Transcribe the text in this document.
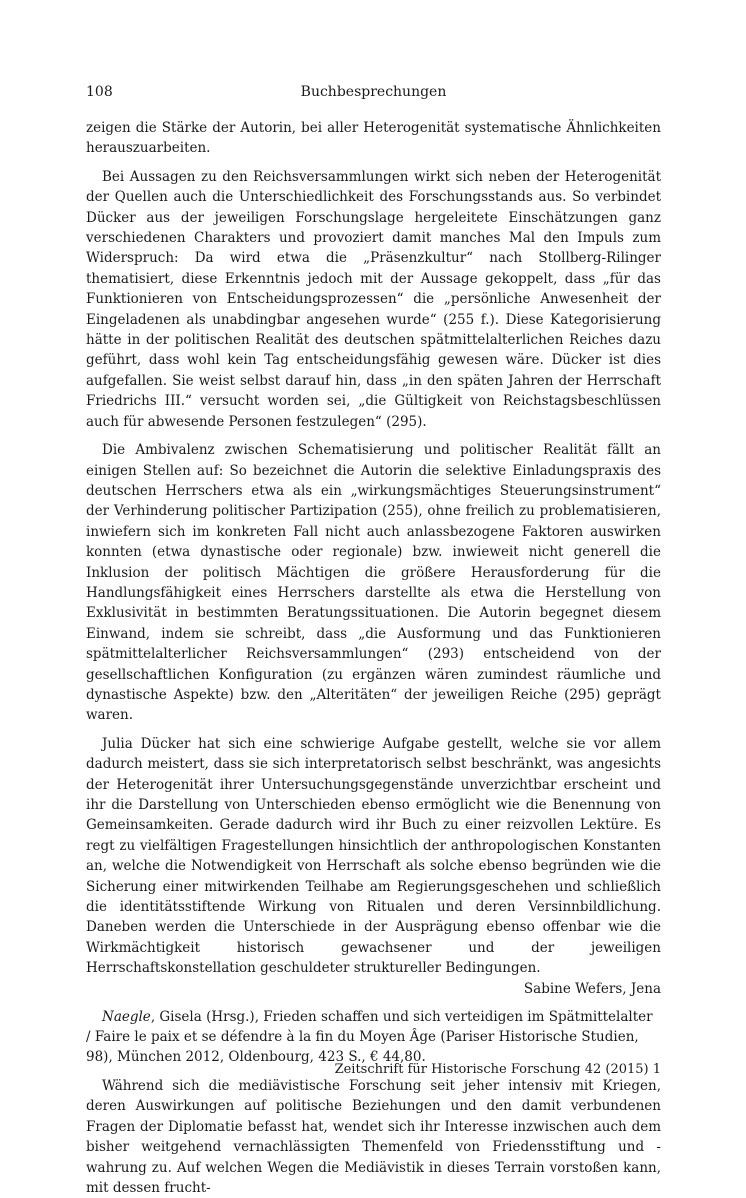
108	Buchbesprechungen

zeigen die Stärke der Autorin, bei aller Heterogenität systematische Ähnlichkeiten herauszuarbeiten.

Bei Aussagen zu den Reichsversammlungen wirkt sich neben der Heterogenität der Quellen auch die Unterschiedlichkeit des Forschungsstands aus. So verbindet Dücker aus der jeweiligen Forschungslage hergeleitete Einschätzungen ganz verschiedenen Charakters und provoziert damit manches Mal den Impuls zum Widerspruch: Da wird etwa die „Präsenzkultur“ nach Stollberg-Rilinger thematisiert, diese Erkenntnis jedoch mit der Aussage gekoppelt, dass „für das Funktionieren von Entscheidungsprozessen“ die „persönliche Anwesenheit der Eingeladenen als unabdingbar angesehen wurde“ (255 f.). Diese Kategorisierung hätte in der politischen Realität des deutschen spätmittelalterlichen Reiches dazu geführt, dass wohl kein Tag entscheidungsfähig gewesen wäre. Dücker ist dies aufgefallen. Sie weist selbst darauf hin, dass „in den späten Jahren der Herrschaft Friedrichs III.“ versucht worden sei, „die Gültigkeit von Reichstagsbeschlüssen auch für abwesende Personen festzulegen“ (295).

Die Ambivalenz zwischen Schematisierung und politischer Realität fällt an einigen Stellen auf: So bezeichnet die Autorin die selektive Einladungspraxis des deutschen Herrschers etwa als ein „wirkungsmächtiges Steuerungsinstrument“ der Verhinderung politischer Partizipation (255), ohne freilich zu problematisieren, inwiefern sich im konkreten Fall nicht auch anlassbezogene Faktoren auswirken konnten (etwa dynastische oder regionale) bzw. inwieweit nicht generell die Inklusion der politisch Mächtigen die größere Herausforderung für die Handlungsfähigkeit eines Herrschers darstellte als etwa die Herstellung von Exklusivität in bestimmten Beratungssituationen. Die Autorin begegnet diesem Einwand, indem sie schreibt, dass „die Ausformung und das Funktionieren spätmittelalterlicher Reichsversammlungen“ (293) entscheidend von der gesellschaftlichen Konfiguration (zu ergänzen wären zumindest räumliche und dynastische Aspekte) bzw. den „Alteritäten“ der jeweiligen Reiche (295) geprägt waren.

Julia Dücker hat sich eine schwierige Aufgabe gestellt, welche sie vor allem dadurch meistert, dass sie sich interpretatorisch selbst beschränkt, was angesichts der Heterogenität ihrer Untersuchungsgegenstände unverzichtbar erscheint und ihr die Darstellung von Unterschieden ebenso ermöglicht wie die Benennung von Gemeinsamkeiten. Gerade dadurch wird ihr Buch zu einer reizvollen Lektüre. Es regt zu vielfältigen Fragestellungen hinsichtlich der anthropologischen Konstanten an, welche die Notwendigkeit von Herrschaft als solche ebenso begründen wie die Sicherung einer mitwirkenden Teilhabe am Regierungsgeschehen und schließlich die identitätsstiftende Wirkung von Ritualen und deren Versinnbildlichung. Daneben werden die Unterschiede in der Ausprägung ebenso offenbar wie die Wirkmächtigkeit historisch gewachsener und der jeweiligen Herrschaftskonstellation geschuldeter struktureller Bedingungen.

Sabine Wefers, Jena

Naegle, Gisela (Hrsg.), Frieden schaffen und sich verteidigen im Spätmittelalter / Faire le paix et se défendre à la fin du Moyen Âge (Pariser Historische Studien, 98), München 2012, Oldenbourg, 423 S., € 44,80.

Während sich die mediävistische Forschung seit jeher intensiv mit Kriegen, deren Auswirkungen auf politische Beziehungen und den damit verbundenen Fragen der Diplomatie befasst hat, wendet sich ihr Interesse inzwischen auch dem bisher weitgehend vernachlässigten Themenfeld von Friedensstiftung und -wahrung zu. Auf welchen Wegen die Mediävistik in dieses Terrain vorstoßen kann, mit dessen frucht-

Zeitschrift für Historische Forschung 42 (2015) 1
